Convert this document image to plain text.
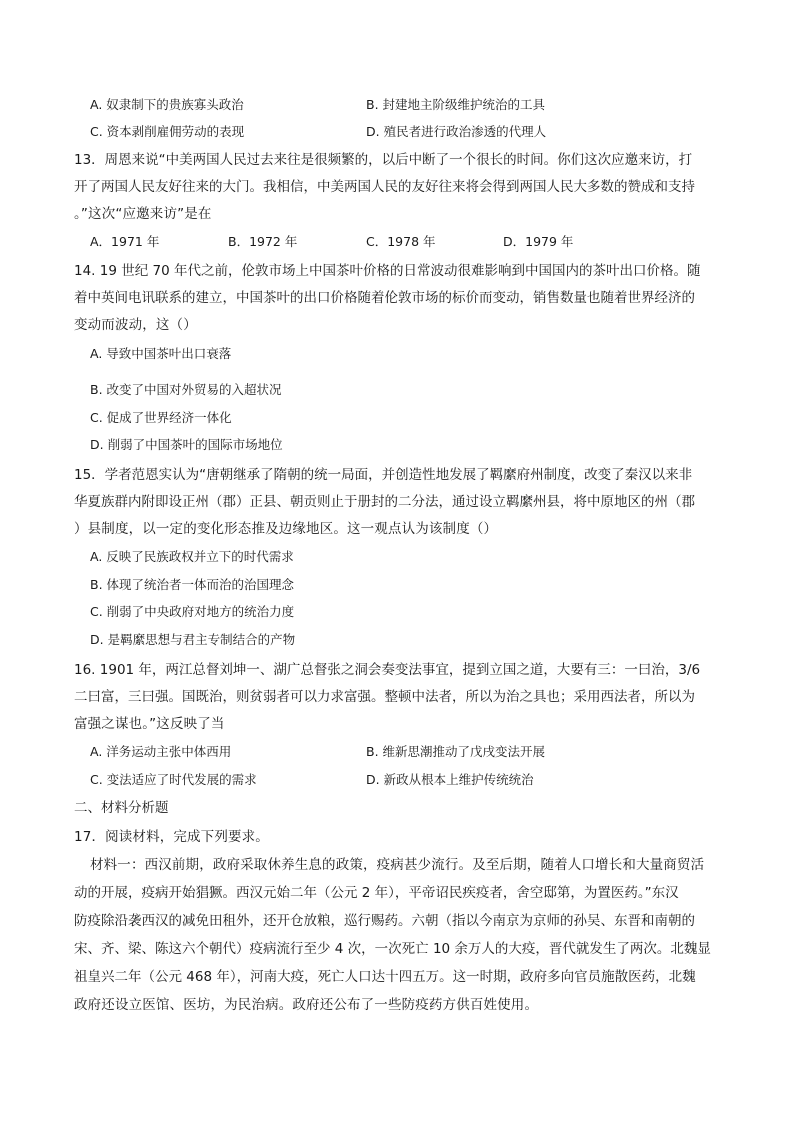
A. 奴隶制下的贵族寡头政治	B. 封建地主阶级维护统治的工具
C. 资本剥削雇佣劳动的表现	D. 殖民者进行政治渗透的代理人
13．周恩来说“中美两国人民过去来往是很频繁的，以后中断了一个很长的时间。你们这次应邀来访，打
开了两国人民友好往来的大门。我相信，中美两国人民的友好往来将会得到两国人民大多数的赞成和支持
。”这次“应邀来访”是在
A．1971 年	B．1972 年	C．1978 年	D．1979 年
14. 19 世纪 70 年代之前，伦敦市场上中国茶叶价格的日常波动很难影响到中国国内的茶叶出口价格。随
着中英间电讯联系的建立，中国茶叶的出口价格随着伦敦市场的标价而变动，销售数量也随着世界经济的
变动而波动，这（）
A. 导致中国茶叶出口衰落
B. 改变了中国对外贸易的入超状况
C. 促成了世界经济一体化
D. 削弱了中国茶叶的国际市场地位
15．学者范恩实认为“唐朝继承了隋朝的统一局面，并创造性地发展了羁縻府州制度，改变了秦汉以来非
华夏族群内附即设正州（郡）正县、朝贡则止于册封的二分法，通过设立羁縻州县，将中原地区的州（郡
）县制度，以一定的变化形态推及边缘地区。这一观点认为该制度（）
A. 反映了民族政权并立下的时代需求
B. 体现了统治者一体而治的治国理念
C. 削弱了中央政府对地方的统治力度
D. 是羁縻思想与君主专制结合的产物
16. 1901 年，两江总督刘坤一、湖广总督张之洞会奏变法事宜，提到立国之道，大要有三：一曰治，3/6
二曰富，三曰强。国既治，则贫弱者可以力求富强。整顿中法者，所以为治之具也；采用西法者，所以为
富强之谋也。”这反映了当
A. 洋务运动主张中体西用	B. 维新思潮推动了戊戌变法开展
C. 变法适应了时代发展的需求	D. 新政从根本上维护传统统治
二、材料分析题
17．阅读材料，完成下列要求。
材料一：西汉前期，政府采取休养生息的政策，疫病甚少流行。及至后期，随着人口增长和大量商贸活
动的开展，疫病开始猖獗。西汉元始二年（公元 2 年），平帝诏民疾疫者，舍空邸第，为置医药。”东汉
防疫除沿袭西汉的减免田租外，还开仓放粮，巡行赐药。六朝（指以今南京为京师的孙吴、东晋和南朝的
宋、齐、梁、陈这六个朝代）疫病流行至少 4 次，一次死亡 10 余万人的大疫，晋代就发生了两次。北魏显
祖皇兴二年（公元 468 年），河南大疫，死亡人口达十四五万。这一时期，政府多向官员施散医药，北魏
政府还设立医馆、医坊，为民治病。政府还公布了一些防疫药方供百姓使用。
